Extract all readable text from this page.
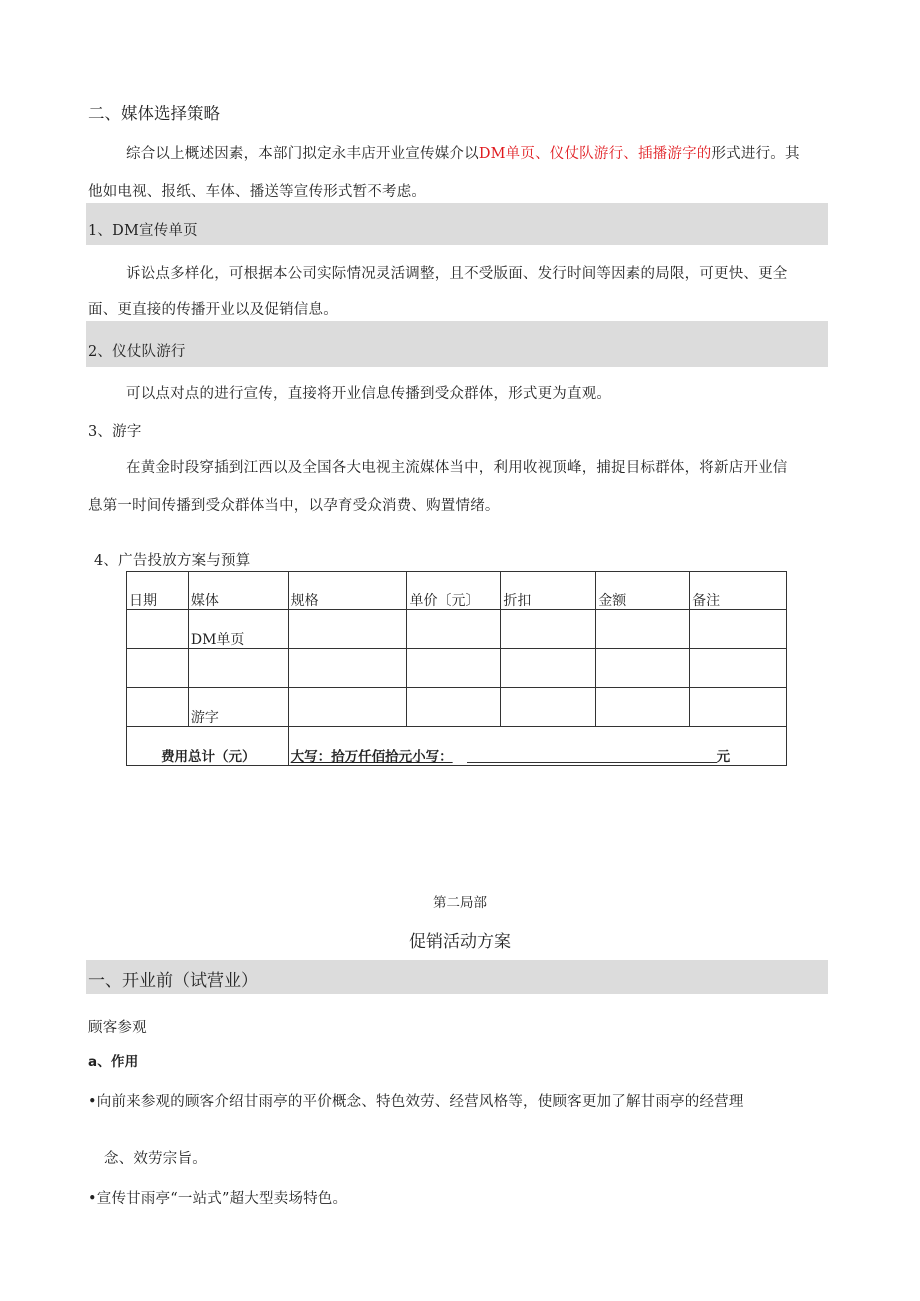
二、媒体选择策略
综合以上概述因素，本部门拟定永丰店开业宣传媒介以DM单页、仪仗队游行、插播游字的形式进行。其
他如电视、报纸、车体、播送等宣传形式暂不考虑。
1、DM宣传单页
诉讼点多样化，可根据本公司实际情况灵活调整，且不受版面、发行时间等因素的局限，可更快、更全
面、更直接的传播开业以及促销信息。
2、仪仗队游行
可以点对点的进行宣传，直接将开业信息传播到受众群体，形式更为直观。
3、游字
在黄金时段穿插到江西以及全国各大电视主流媒体当中，利用收视顶峰，捕捉目标群体，将新店开业信
息第一时间传播到受众群体当中，以孕育受众消费、购置情绪。
4、广告投放方案与预算
日期	媒体	规格	单价〔元〕	折扣	金额	备注
	DM单页					

	游字					
费用总计（元）		大写：拾万仟佰拾元小写： 元				
第二局部
促销活动方案
一、开业前（试营业）
顾客参观
a、作用
•向前来参观的顾客介绍甘雨亭的平价概念、特色效劳、经营风格等，使顾客更加了解甘雨亭的经营理
念、效劳宗旨。
•宣传甘雨亭“一站式”超大型卖场特色。
